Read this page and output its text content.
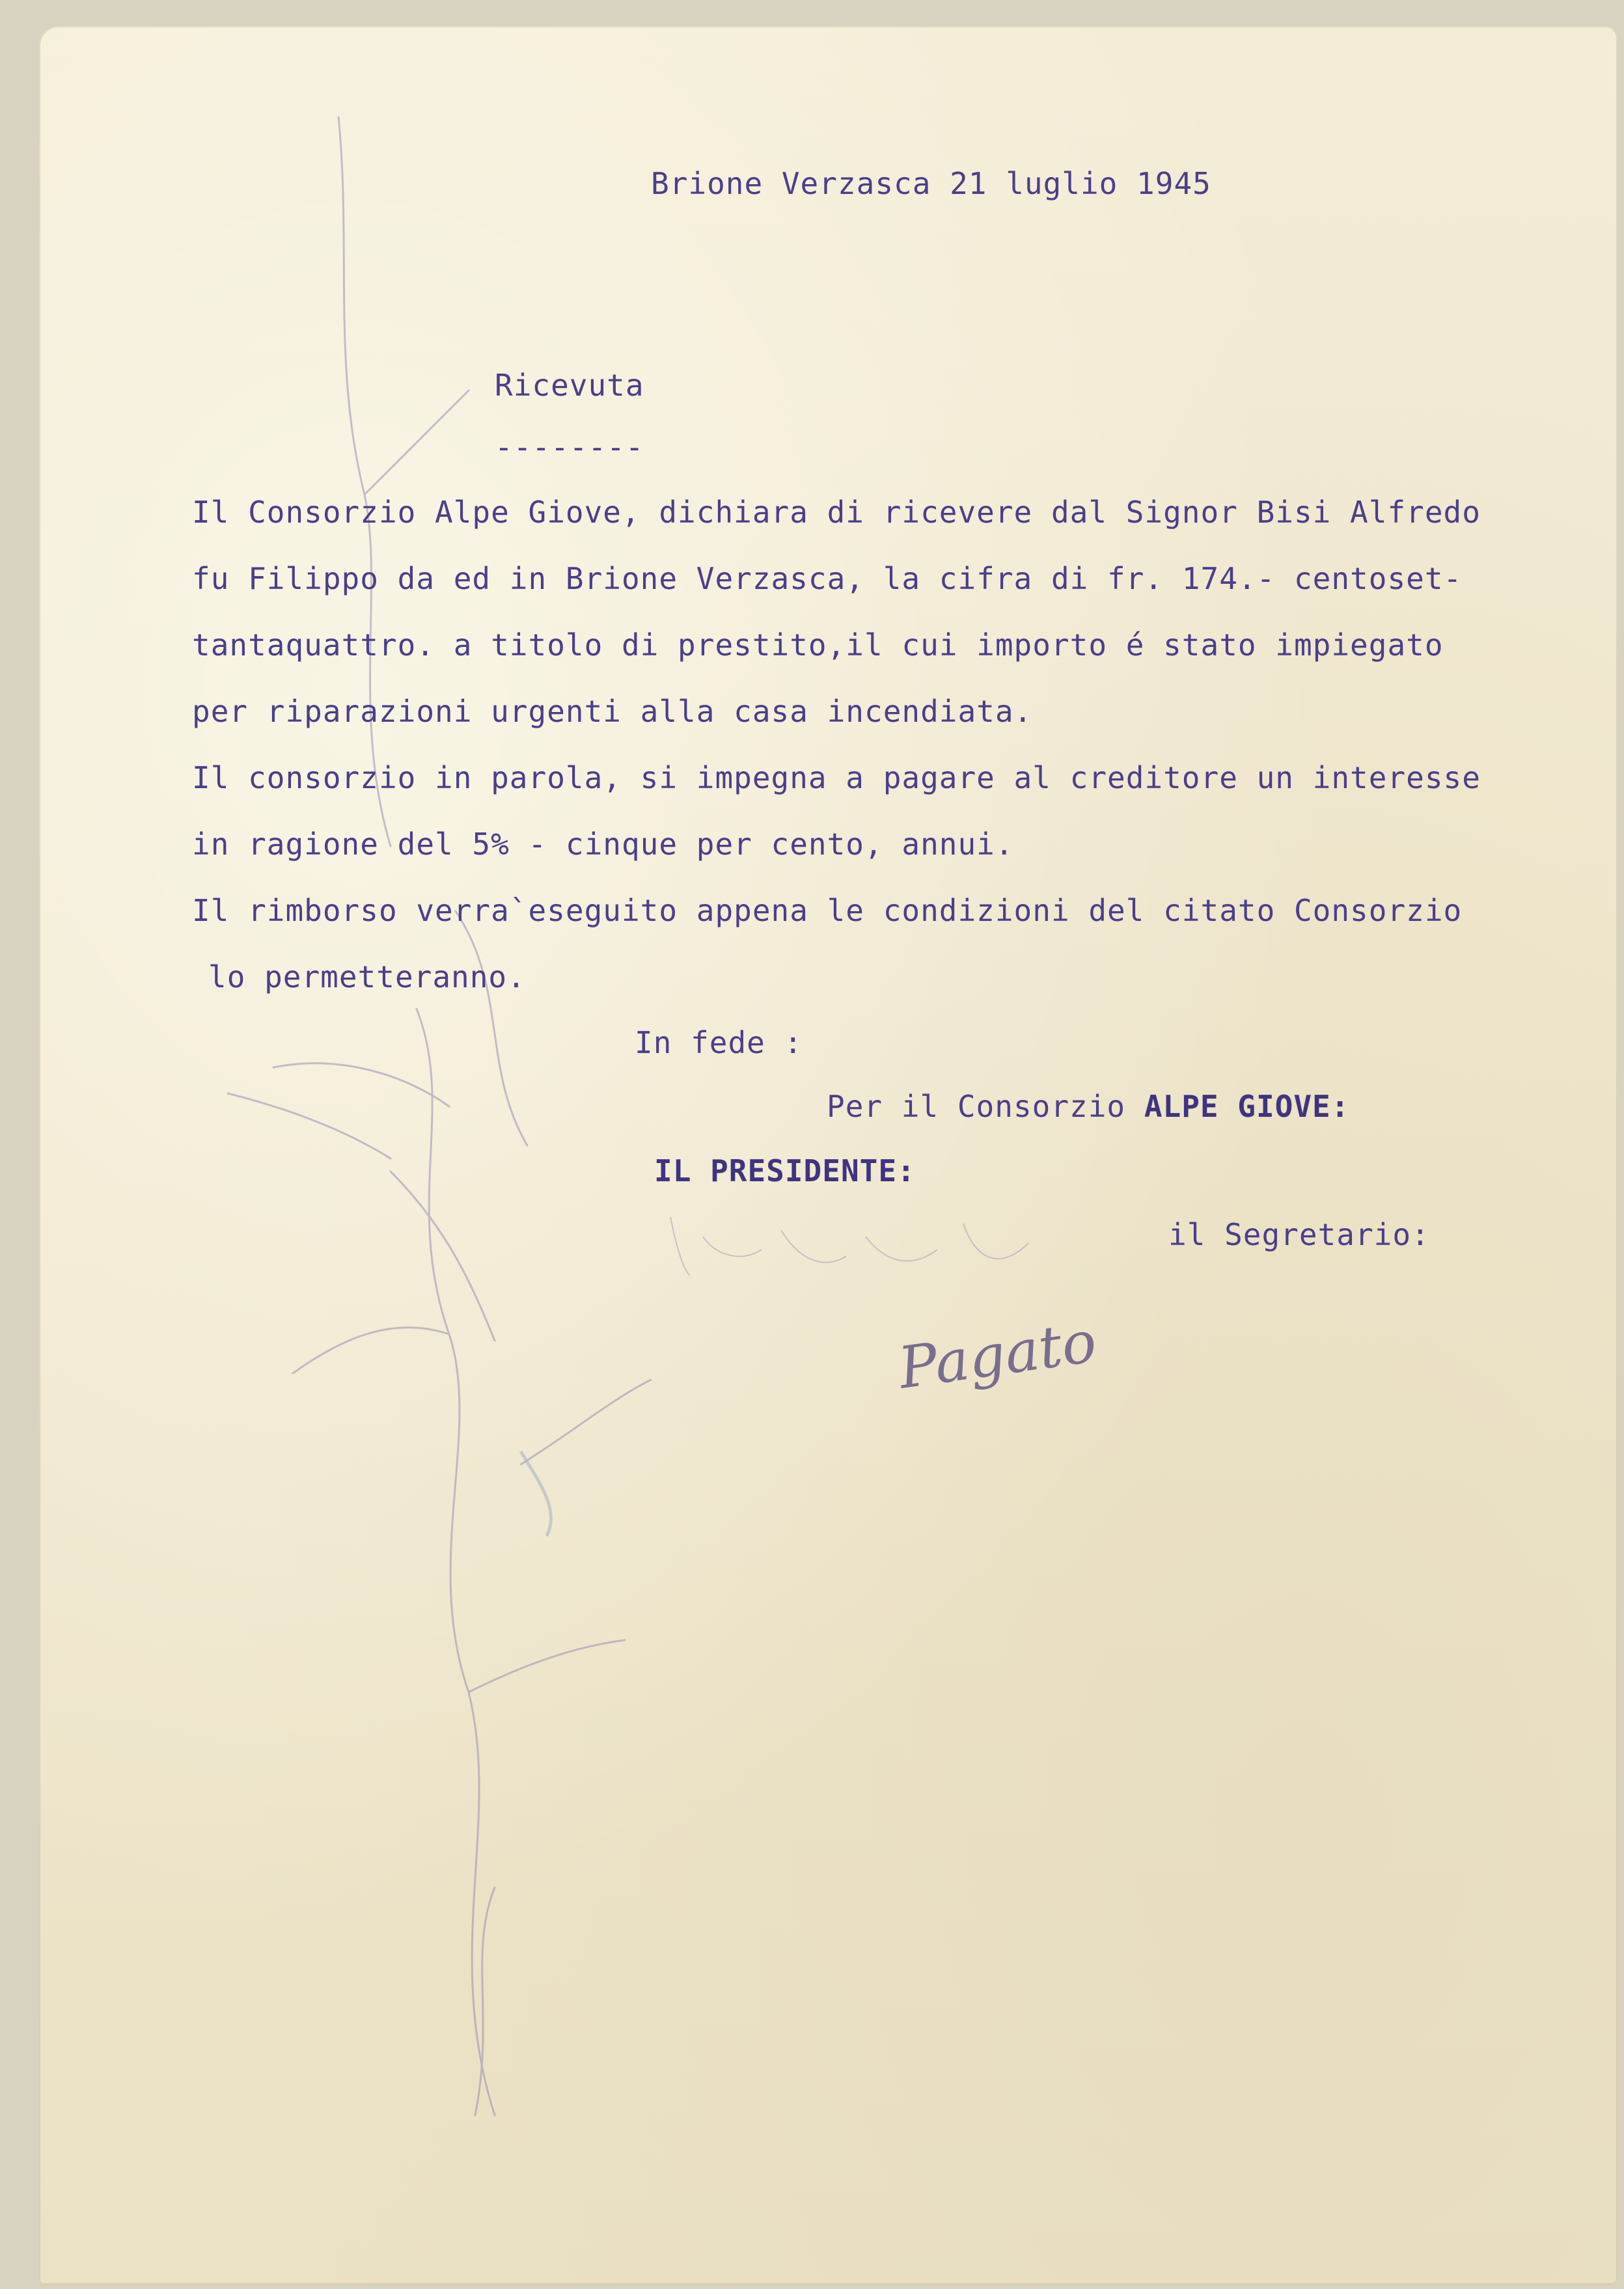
Brione Verzasca 21 luglio 1945
Ricevuta
--------
Il Consorzio Alpe Giove, dichiara di ricevere dal Signor Bisi Alfredo
fu Filippo da ed in Brione Verzasca, la cifra di fr. 174.- centoset-
tantaquattro. a titolo di prestito,il cui importo é stato impiegato
per riparazioni urgenti alla casa incendiata.
Il consorzio in parola, si impegna a pagare al creditore un interesse
in ragione del 5% - cinque per cento, annui.
Il rimborso verra`eseguito appena le condizioni del citato Consorzio
lo permetteranno.
In fede :
Per il Consorzio ALPE GIOVE:
IL PRESIDENTE:
il Segretario:
Pagato
